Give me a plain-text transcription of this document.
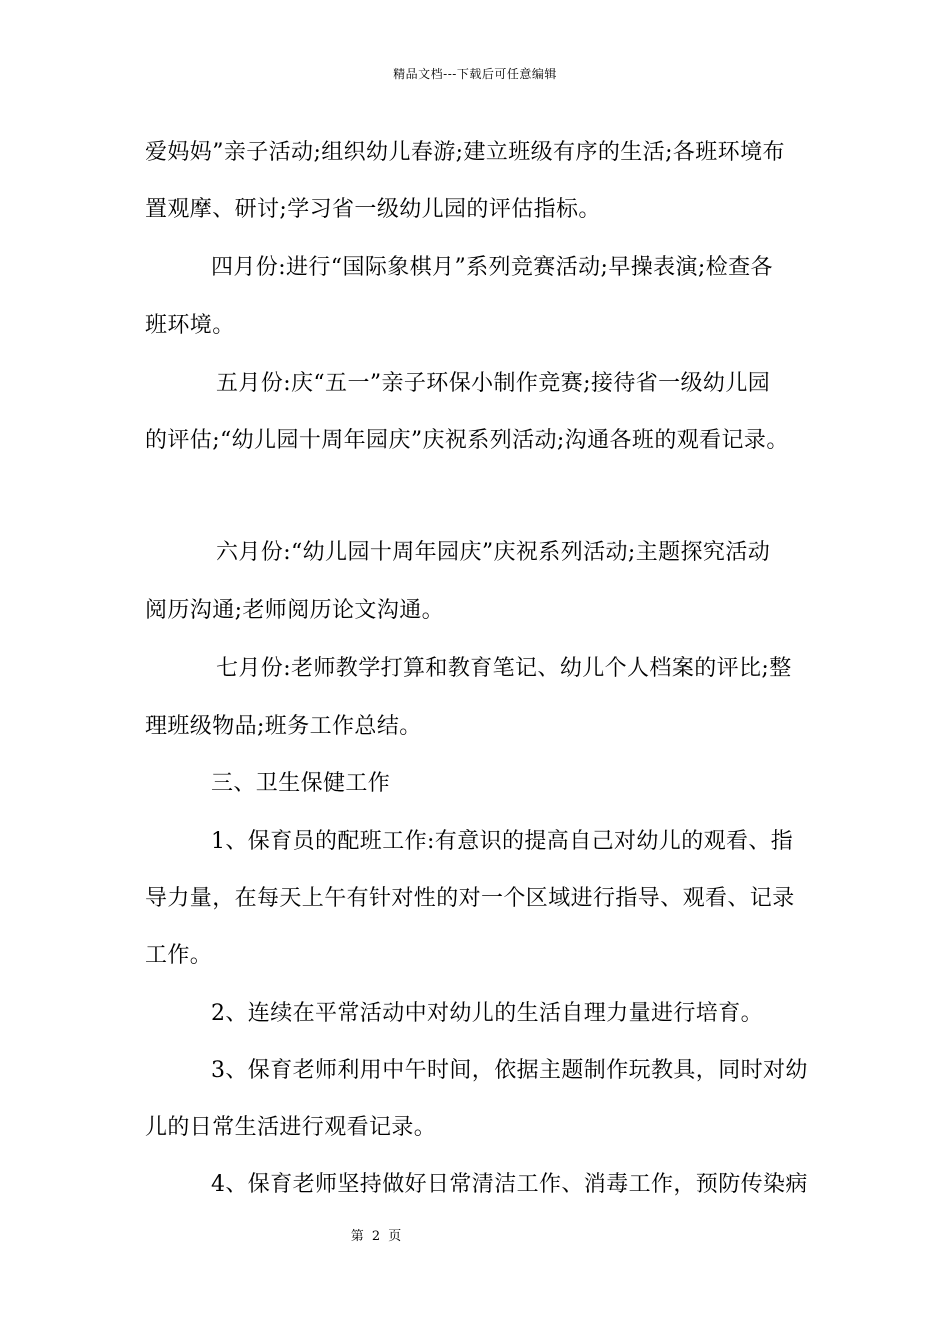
精品文档---下载后可任意编辑
爱妈妈”亲子活动;组织幼儿春游;建立班级有序的生活;各班环境布
置观摩、研讨;学习省一级幼儿园的评估指标。
四月份:进行“国际象棋月”系列竞赛活动;早操表演;检查各
班环境。
五月份:庆“五一”亲子环保小制作竞赛;接待省一级幼儿园
的评估;“幼儿园十周年园庆”庆祝系列活动;沟通各班的观看记录。
六月份:“幼儿园十周年园庆”庆祝系列活动;主题探究活动
阅历沟通;老师阅历论文沟通。
七月份:老师教学打算和教育笔记、幼儿个人档案的评比;整
理班级物品;班务工作总结。
三、卫生保健工作
1、保育员的配班工作:有意识的提高自己对幼儿的观看、指
导力量，在每天上午有针对性的对一个区域进行指导、观看、记录
工作。
2、连续在平常活动中对幼儿的生活自理力量进行培育。
3、保育老师利用中午时间，依据主题制作玩教具，同时对幼
儿的日常生活进行观看记录。
4、保育老师坚持做好日常清洁工作、消毒工作，预防传染病
第 2 页
